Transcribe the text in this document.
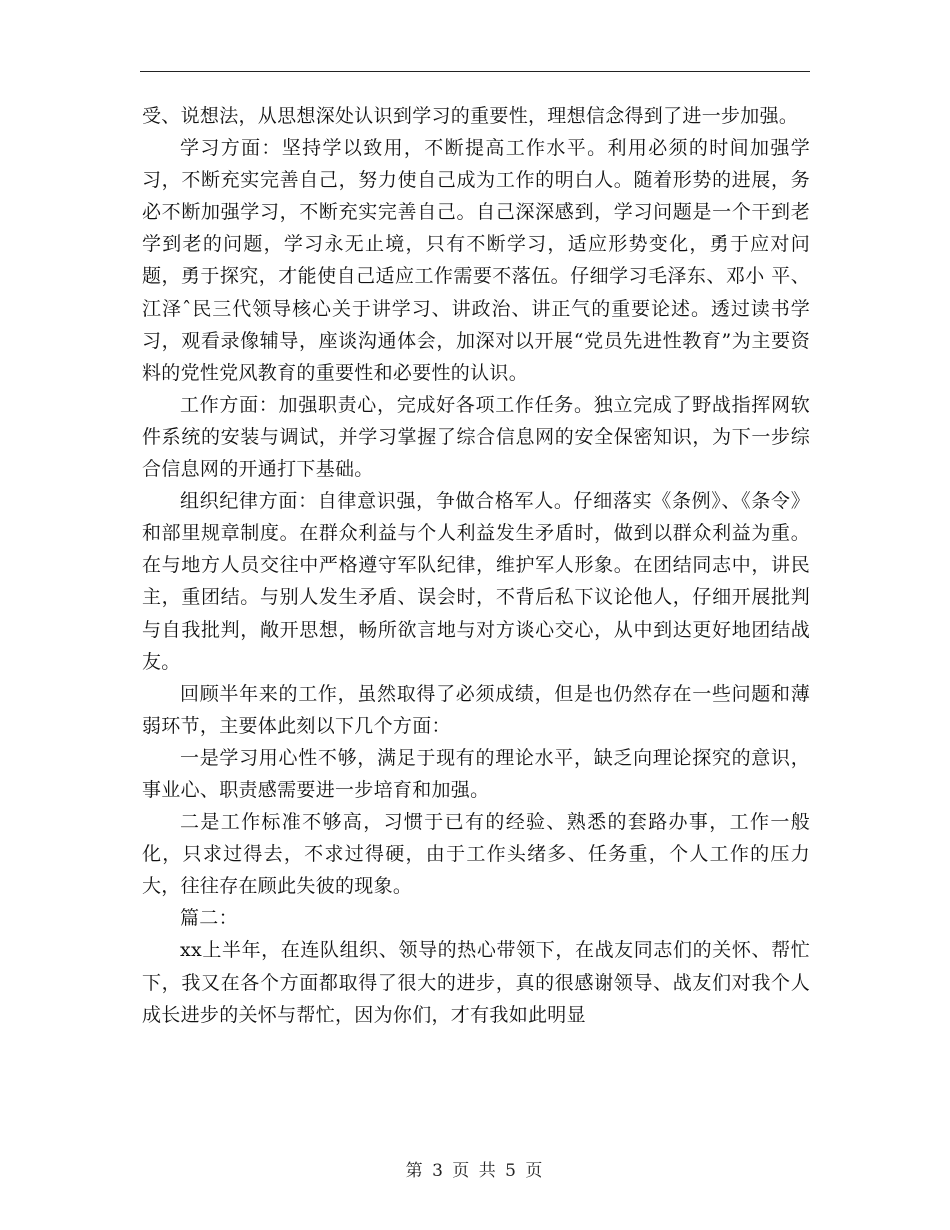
受、说想法，从思想深处认识到学习的重要性，理想信念得到了进一步加强。

学习方面：坚持学以致用，不断提高工作水平。利用必须的时间加强学习，不断充实完善自己，努力使自己成为工作的明白人。随着形势的进展，务必不断加强学习，不断充实完善自己。自己深深感到，学习问题是一个干到老学到老的问题，学习永无止境，只有不断学习，适应形势变化，勇于应对问题，勇于探究，才能使自己适应工作需要不落伍。仔细学习毛泽东、邓小 平、江泽ˆ民三代领导核心关于讲学习、讲政治、讲正气的重要论述。透过读书学习，观看录像辅导，座谈沟通体会，加深对以开展“党员先进性教育”为主要资料的党性党风教育的重要性和必要性的认识。

工作方面：加强职责心，完成好各项工作任务。独立完成了野战指挥网软件系统的安装与调试，并学习掌握了综合信息网的安全保密知识，为下一步综合信息网的开通打下基础。

组织纪律方面：自律意识强，争做合格军人。仔细落实《条例》、《条令》和部里规章制度。在群众利益与个人利益发生矛盾时，做到以群众利益为重。在与地方人员交往中严格遵守军队纪律，维护军人形象。在团结同志中，讲民主，重团结。与别人发生矛盾、误会时，不背后私下议论他人，仔细开展批判与自我批判，敞开思想，畅所欲言地与对方谈心交心，从中到达更好地团结战友。

回顾半年来的工作，虽然取得了必须成绩，但是也仍然存在一些问题和薄弱环节，主要体此刻以下几个方面：

一是学习用心性不够，满足于现有的理论水平，缺乏向理论探究的意识，事业心、职责感需要进一步培育和加强。

二是工作标准不够高，习惯于已有的经验、熟悉的套路办事，工作一般化，只求过得去，不求过得硬，由于工作头绪多、任务重，个人工作的压力大，往往存在顾此失彼的现象。

篇二：

xx上半年，在连队组织、领导的热心带领下，在战友同志们的关怀、帮忙下，我又在各个方面都取得了很大的进步，真的很感谢领导、战友们对我个人成长进步的关怀与帮忙，因为你们，才有我如此明显

第 3 页 共 5 页
